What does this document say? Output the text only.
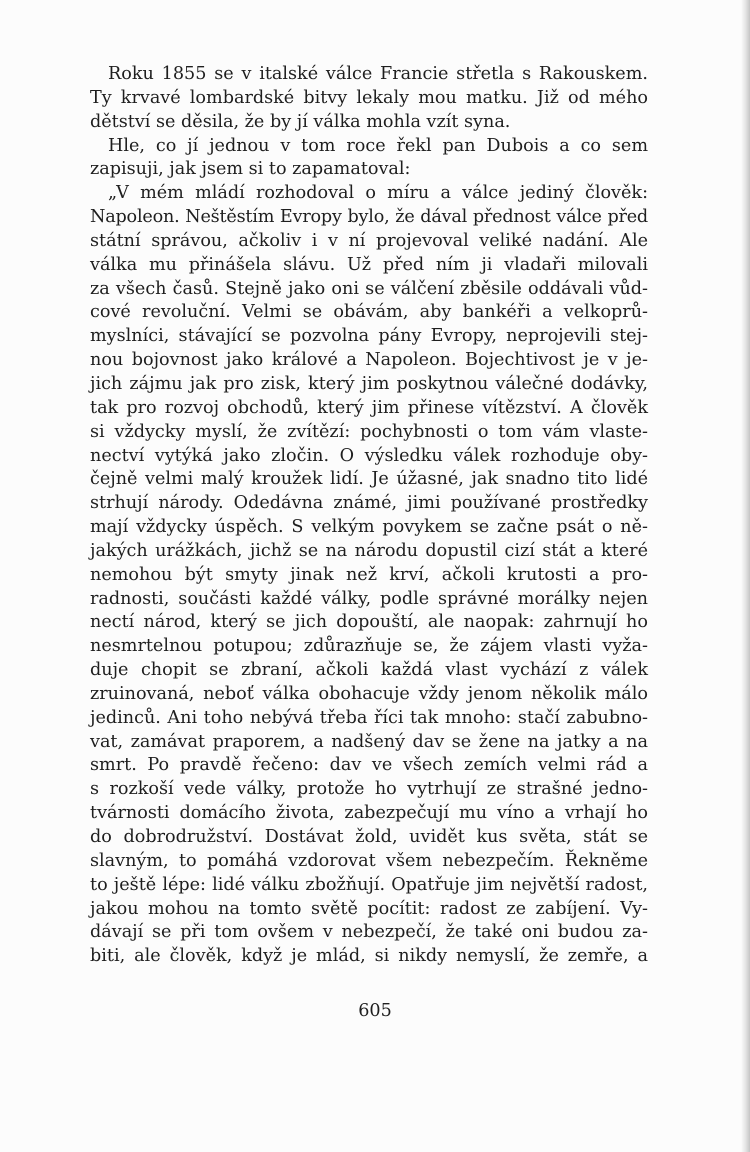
Roku 1855 se v italské válce Francie střetla s Rakouskem.
Ty krvavé lombardské bitvy lekaly mou matku. Již od mého
dětství se děsila, že by jí válka mohla vzít syna.
Hle, co jí jednou v tom roce řekl pan Dubois a co sem
zapisuji, jak jsem si to zapamatoval:
„V mém mládí rozhodoval o míru a válce jediný člověk:
Napoleon. Neštěstím Evropy bylo, že dával přednost válce před
státní správou, ačkoliv i v ní projevoval veliké nadání. Ale
válka mu přinášela slávu. Už před ním ji vladaři milovali
za všech časů. Stejně jako oni se válčení zběsile oddávali vůd-
cové revoluční. Velmi se obávám, aby bankéři a velkoprů-
myslníci, stávající se pozvolna pány Evropy, neprojevili stej-
nou bojovnost jako králové a Napoleon. Bojechtivost je v je-
jich zájmu jak pro zisk, který jim poskytnou válečné dodávky,
tak pro rozvoj obchodů, který jim přinese vítězství. A člověk
si vždycky myslí, že zvítězí: pochybnosti o tom vám vlaste-
nectví vytýká jako zločin. O výsledku válek rozhoduje oby-
čejně velmi malý kroužek lidí. Je úžasné, jak snadno tito lidé
strhují národy. Odedávna známé, jimi používané prostředky
mají vždycky úspěch. S velkým povykem se začne psát o ně-
jakých urážkách, jichž se na národu dopustil cizí stát a které
nemohou být smyty jinak než krví, ačkoli krutosti a pro-
radnosti, součásti každé války, podle správné morálky nejen
nectí národ, který se jich dopouští, ale naopak: zahrnují ho
nesmrtelnou potupou; zdůrazňuje se, že zájem vlasti vyža-
duje chopit se zbraní, ačkoli každá vlast vychází z válek
zruinovaná, neboť válka obohacuje vždy jenom několik málo
jedinců. Ani toho nebývá třeba říci tak mnoho: stačí zabubno-
vat, zamávat praporem, a nadšený dav se žene na jatky a na
smrt. Po pravdě řečeno: dav ve všech zemích velmi rád a
s rozkoší vede války, protože ho vytrhují ze strašné jedno-
tvárnosti domácího života, zabezpečují mu víno a vrhají ho
do dobrodružství. Dostávat žold, uvidět kus světa, stát se
slavným, to pomáhá vzdorovat všem nebezpečím. Řekněme
to ještě lépe: lidé válku zbožňují. Opatřuje jim největší radost,
jakou mohou na tomto světě pocítit: radost ze zabíjení. Vy-
dávají se při tom ovšem v nebezpečí, že také oni budou za-
biti, ale člověk, když je mlád, si nikdy nemyslí, že zemře, a
605
